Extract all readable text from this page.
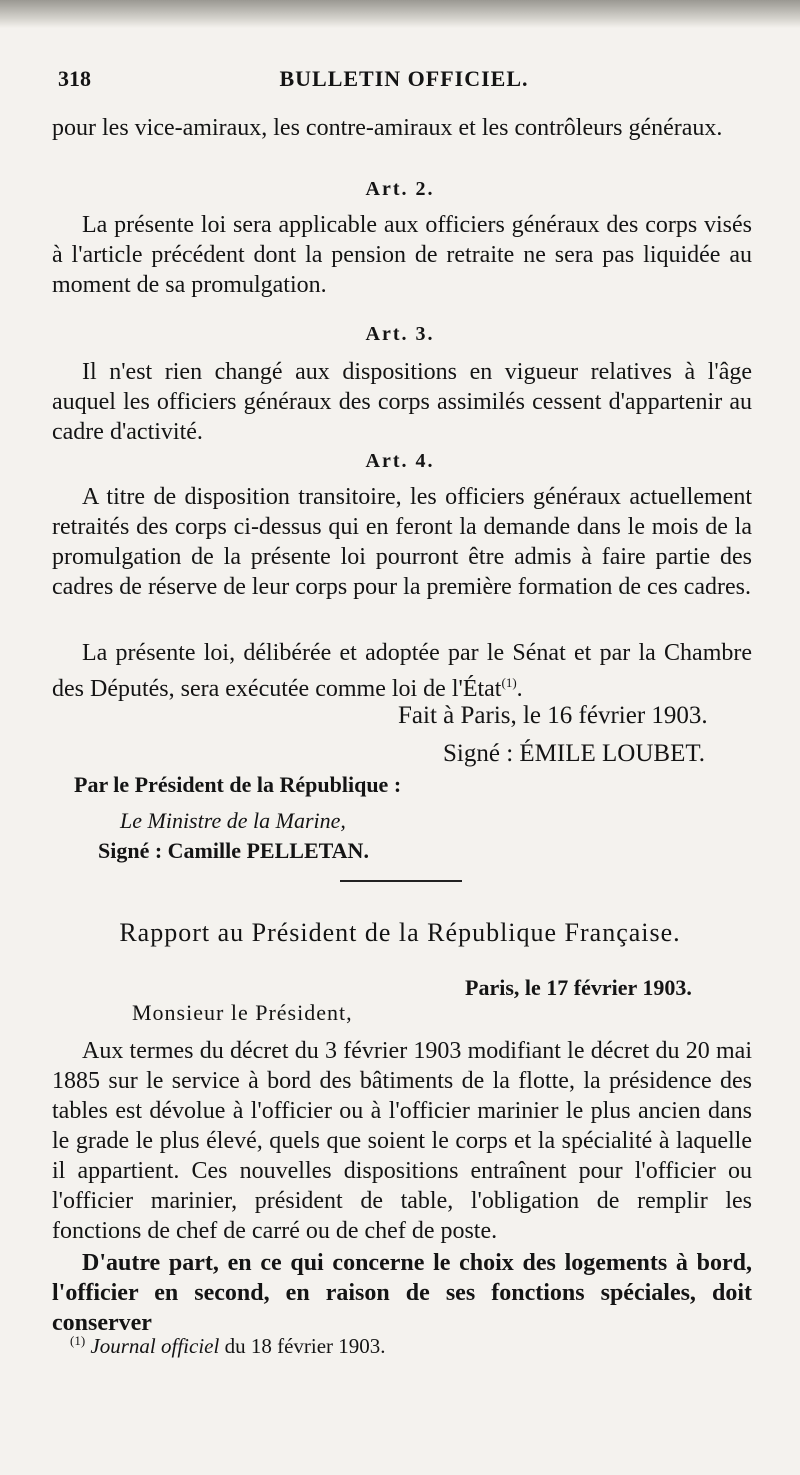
318	BULLETIN OFFICIEL.
pour les vice-amiraux, les contre-amiraux et les contrôleurs généraux.
Art. 2.
La présente loi sera applicable aux officiers généraux des corps visés à l'article précédent dont la pension de retraite ne sera pas liquidée au moment de sa promulgation.
Art. 3.
Il n'est rien changé aux dispositions en vigueur relatives à l'âge auquel les officiers généraux des corps assimilés cessent d'appartenir au cadre d'activité.
Art. 4.
A titre de disposition transitoire, les officiers généraux actuellement retraités des corps ci-dessus qui en feront la demande dans le mois de la promulgation de la présente loi pourront être admis à faire partie des cadres de réserve de leur corps pour la première formation de ces cadres.
La présente loi, délibérée et adoptée par le Sénat et par la Chambre des Députés, sera exécutée comme loi de l'État$^{(1)}$.
Fait à Paris, le 16 février 1903.
Signé : ÉMILE LOUBET.
Par le Président de la République :
Le Ministre de la Marine,
Signé : Camille PELLETAN.
Rapport au Président de la République Française.
Paris, le 17 février 1903.
Monsieur le Président,
Aux termes du décret du 3 février 1903 modifiant le décret du 20 mai 1885 sur le service à bord des bâtiments de la flotte, la présidence des tables est dévolue à l'officier ou à l'officier marinier le plus ancien dans le grade le plus élevé, quels que soient le corps et la spécialité à laquelle il appartient. Ces nouvelles dispositions entraînent pour l'officier ou l'officier marinier, président de table, l'obligation de remplir les fonctions de chef de carré ou de chef de poste.
D'autre part, en ce qui concerne le choix des logements à bord, l'officier en second, en raison de ses fonctions spéciales, doit conserver
$^{(1)}$ Journal officiel du 18 février 1903.
